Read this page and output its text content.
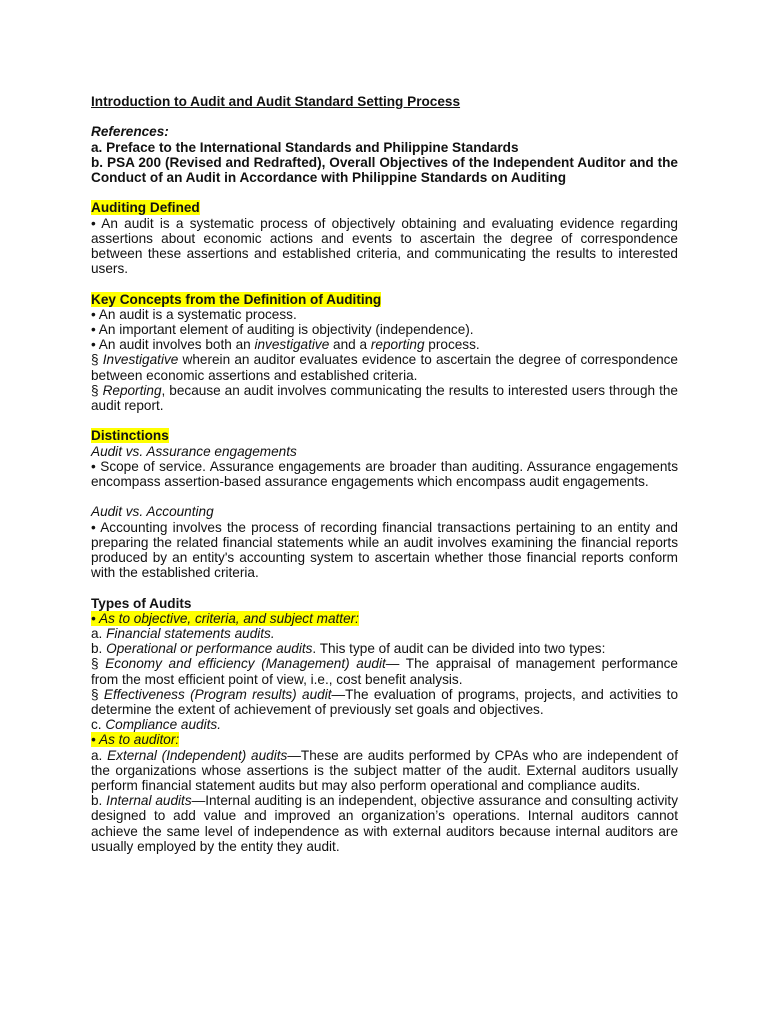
Introduction to Audit and Audit Standard Setting Process

References:

a. Preface to the International Standards and Philippine Standards

b. PSA 200 (Revised and Redrafted), Overall Objectives of the Independent Auditor and the Conduct of an Audit in Accordance with Philippine Standards on Auditing

Auditing Defined

• An audit is a systematic process of objectively obtaining and evaluating evidence regarding assertions about economic actions and events to ascertain the degree of correspondence between these assertions and established criteria, and communicating the results to interested users.

Key Concepts from the Definition of Auditing

• An audit is a systematic process.

• An important element of auditing is objectivity (independence).

• An audit involves both an investigative and a reporting process.

§ Investigative wherein an auditor evaluates evidence to ascertain the degree of correspondence between economic assertions and established criteria.

§ Reporting, because an audit involves communicating the results to interested users through the audit report.

Distinctions

Audit vs. Assurance engagements

• Scope of service. Assurance engagements are broader than auditing. Assurance engagements encompass assertion-based assurance engagements which encompass audit engagements.

Audit vs. Accounting

• Accounting involves the process of recording financial transactions pertaining to an entity and preparing the related financial statements while an audit involves examining the financial reports produced by an entity's accounting system to ascertain whether those financial reports conform with the established criteria.

Types of Audits

• As to objective, criteria, and subject matter:

a. Financial statements audits.

b. Operational or performance audits. This type of audit can be divided into two types:

§ Economy and efficiency (Management) audit— The appraisal of management performance from the most efficient point of view, i.e., cost benefit analysis.

§ Effectiveness (Program results) audit—The evaluation of programs, projects, and activities to determine the extent of achievement of previously set goals and objectives.

c. Compliance audits.

• As to auditor:

a. External (Independent) audits—These are audits performed by CPAs who are independent of the organizations whose assertions is the subject matter of the audit. External auditors usually perform financial statement audits but may also perform operational and compliance audits.

b. Internal audits—Internal auditing is an independent, objective assurance and consulting activity designed to add value and improved an organization’s operations. Internal auditors cannot achieve the same level of independence as with external auditors because internal auditors are usually employed by the entity they audit.
